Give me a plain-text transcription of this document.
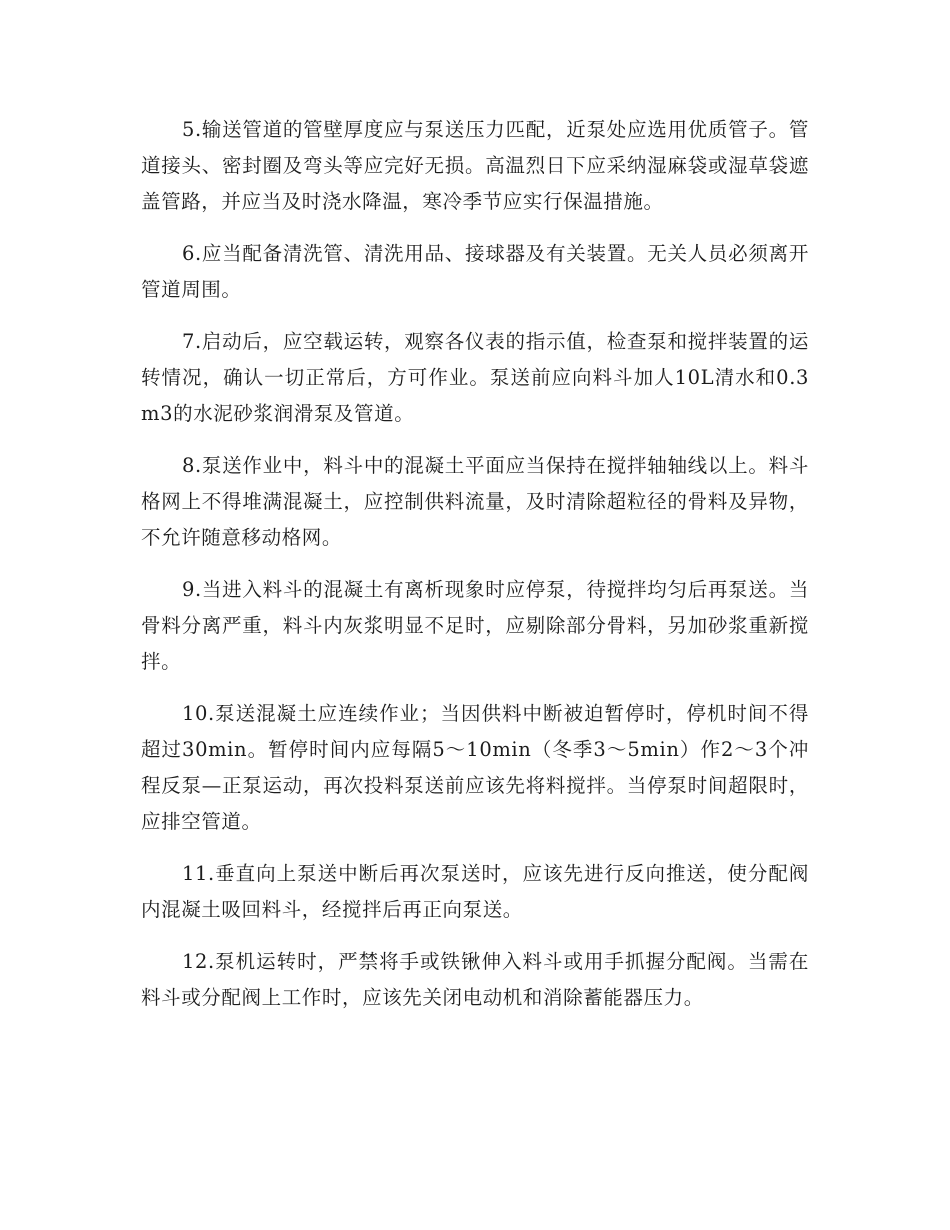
5.输送管道的管壁厚度应与泵送压力匹配，近泵处应选用优质管子。管道接头、密封圈及弯头等应完好无损。高温烈日下应采纳湿麻袋或湿草袋遮盖管路，并应当及时浇水降温，寒冷季节应实行保温措施。

6.应当配备清洗管、清洗用品、接球器及有关装置。无关人员必须离开管道周围。

7.启动后，应空载运转，观察各仪表的指示值，检查泵和搅拌装置的运转情况，确认一切正常后，方可作业。泵送前应向料斗加人10L清水和0.3m3的水泥砂浆润滑泵及管道。

8.泵送作业中，料斗中的混凝土平面应当保持在搅拌轴轴线以上。料斗格网上不得堆满混凝土，应控制供料流量，及时清除超粒径的骨料及异物，不允许随意移动格网。

9.当进入料斗的混凝土有离析现象时应停泵，待搅拌均匀后再泵送。当骨料分离严重，料斗内灰浆明显不足时，应剔除部分骨料，另加砂浆重新搅拌。

10.泵送混凝土应连续作业；当因供料中断被迫暂停时，停机时间不得超过30min。暂停时间内应每隔5～10min（冬季3～5min）作2～3个冲程反泵—正泵运动，再次投料泵送前应该先将料搅拌。当停泵时间超限时，应排空管道。

11.垂直向上泵送中断后再次泵送时，应该先进行反向推送，使分配阀内混凝土吸回料斗，经搅拌后再正向泵送。

12.泵机运转时，严禁将手或铁锹伸入料斗或用手抓握分配阀。当需在料斗或分配阀上工作时，应该先关闭电动机和消除蓄能器压力。
